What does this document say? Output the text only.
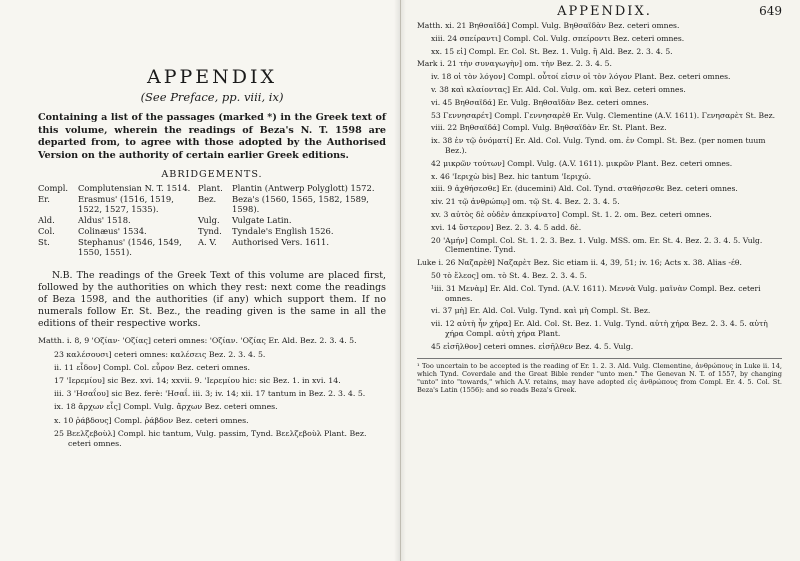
APPENDIX
(See Preface, pp. viii, ix)

Containing a list of the passages (marked *) in the Greek text of this volume, wherein the readings of Beza's N. T. 1598 are departed from, to agree with those adopted by the Authorised Version on the authority of certain earlier Greek editions.

ABRIDGEMENTS.
Compl.	Complutensian N. T. 1514.	Plant.	Plantin (Antwerp Polyglott) 1572.
Er.	Erasmus' (1516, 1519, 1522, 1527, 1535).	Bez.	Beza's (1560, 1565, 1582, 1589, 1598).
Ald.	Aldus' 1518.	Vulg.	Vulgate Latin.
Col.	Colinæus' 1534.	Tynd.	Tyndale's English 1526.
St.	Stephanus' (1546, 1549, 1550, 1551).	A. V.	Authorised Vers. 1611.

N.B. The readings of the Greek Text of this volume are placed first, followed by the authorities on which they rest: next come the readings of Beza 1598, and the authorities (if any) which support them. If no numerals follow Er. St. Bez., the reading given is the same in all the editions of their respective works.

Matth. i. 8, 9 'Οζίαν· 'Οζίας] ceteri omnes: 'Οζίαν. 'Οζίας Er. Ald. Bez. 2. 3. 4. 5.

23 καλέσουσι] ceteri omnes: καλέσεις Bez. 2. 3. 4. 5.

ii. 11 εἶδον] Compl. Col. εὗρον Bez. ceteri omnes.

17 'Ιερεμίου] sic Bez. xvi. 14; xxvii. 9. 'Ιερεμίου hic: sic Bez. 1. in xvi. 14.

iii. 3 'Ησαΐου] sic Bez. ferè: 'Ησαΐ. iii. 3; iv. 14; xii. 17 tantum in Bez. 2. 3. 4. 5.

ix. 18 ἄρχων εἷς] Compl. Vulg. ἄρχων Bez. ceteri omnes.

x. 10 ῥάβδους] Compl. ῥάβδον Bez. ceteri omnes.

25 Βεελζεβοὺλ] Compl. hic tantum, Vulg. passim, Tynd. Βεελζεβοὺλ Plant. Bez. ceteri omnes.

APPENDIX.	649

Matth. xi. 21 Βηθσαϊδά] Compl. Vulg. Βηθσαϊδὰν Bez. ceteri omnes.

xiii. 24 σπείραντι] Compl. Col. Vulg. σπείροντι Bez. ceteri omnes.

xx. 15 εἰ] Compl. Er. Col. St. Bez. 1. Vulg. ἢ Ald. Bez. 2. 3. 4. 5.

Mark i. 21 τὴν συναγωγὴν] om. τὴν Bez. 2. 3. 4. 5.

iv. 18 οἱ τὸν λόγον] Compl. οὗτοί εἰσιν οἱ τὸν λόγον Plant. Bez. ceteri omnes.

v. 38 καὶ κλαίοντας] Er. Ald. Col. Vulg. om. καὶ Bez. ceteri omnes.

vi. 45 Βηθσαϊδά] Er. Vulg. Βηθσαϊδὰν Bez. ceteri omnes.

53 Γεννησαρέτ] Compl. Γεννησαρὲθ Er. Vulg. Clementine (A.V. 1611). Γενησαρὲτ St. Bez.

viii. 22 Βηθσαϊδά] Compl. Vulg. Βηθσαϊδὰν Er. St. Plant. Bez.

ix. 38 ἐν τῷ ὀνόματί] Er. Ald. Col. Vulg. Tynd. om. ἐν Compl. St. Bez. (per nomen tuum Bez.).

42 μικρῶν τούτων] Compl. Vulg. (A.V. 1611). μικρῶν Plant. Bez. ceteri omnes.

x. 46 'Ιεριχὼ bis] Bez. hic tantum 'Ιεριχώ.

xiii. 9 ἀχθήσεσθε] Er. (ducemini) Ald. Col. Tynd. σταθήσεσθε Bez. ceteri omnes.

xiv. 21 τῷ ἀνθρώπῳ] om. τῷ St. 4. Bez. 2. 3. 4. 5.

xv. 3 αὐτὸς δὲ οὐδὲν ἀπεκρίνατο] Compl. St. 1. 2. om. Bez. ceteri omnes.

xvi. 14 ὕστερον] Bez. 2. 3. 4. 5 add. δὲ.

20 'Αμήν] Compl. Col. St. 1. 2. 3. Bez. 1. Vulg. MSS. om. Er. St. 4. Bez. 2. 3. 4. 5. Vulg. Clementine. Tynd.

Luke i. 26 Ναζαρὲθ] Ναζαρὲτ Bez. Sic etiam ii. 4, 39, 51; iv. 16; Acts x. 38. Alias -έθ.

50 τὸ ἔλεος] om. τὸ St. 4. Bez. 2. 3. 4. 5.

¹iii. 31 Μενὰμ] Er. Ald. Col. Tynd. (A.V. 1611). Μεννὰ Vulg. μαϊνὰν Compl. Bez. ceteri omnes.

vi. 37 μὴ] Er. Ald. Col. Vulg. Tynd. καὶ μὴ Compl. St. Bez.

vii. 12 αὐτὴ ἦν χήρα] Er. Ald. Col. St. Bez. 1. Vulg. Tynd. αὐτὴ χήρα Bez. 2. 3. 4. 5. αὐτὴ χήρα Compl. αὐτὴ χήρα Plant.

45 εἰσῆλθον] ceteri omnes. εἰσῆλθεν Bez. 4. 5. Vulg.

¹ Too uncertain to be accepted is the reading of Er. 1. 2. 3. Ald. Vulg. Clementine, ἀνθρώπους in Luke ii. 14, which Tynd. Coverdale and the Great Bible render "unto men." The Genevan N. T. of 1557, by changing "unto" into "towards," which A.V. retains, may have adopted εἰς ἀνθρώπους from Compl. Er. 4. 5. Col. St. Beza's Latin (1556): and so reads Beza's Greek.
